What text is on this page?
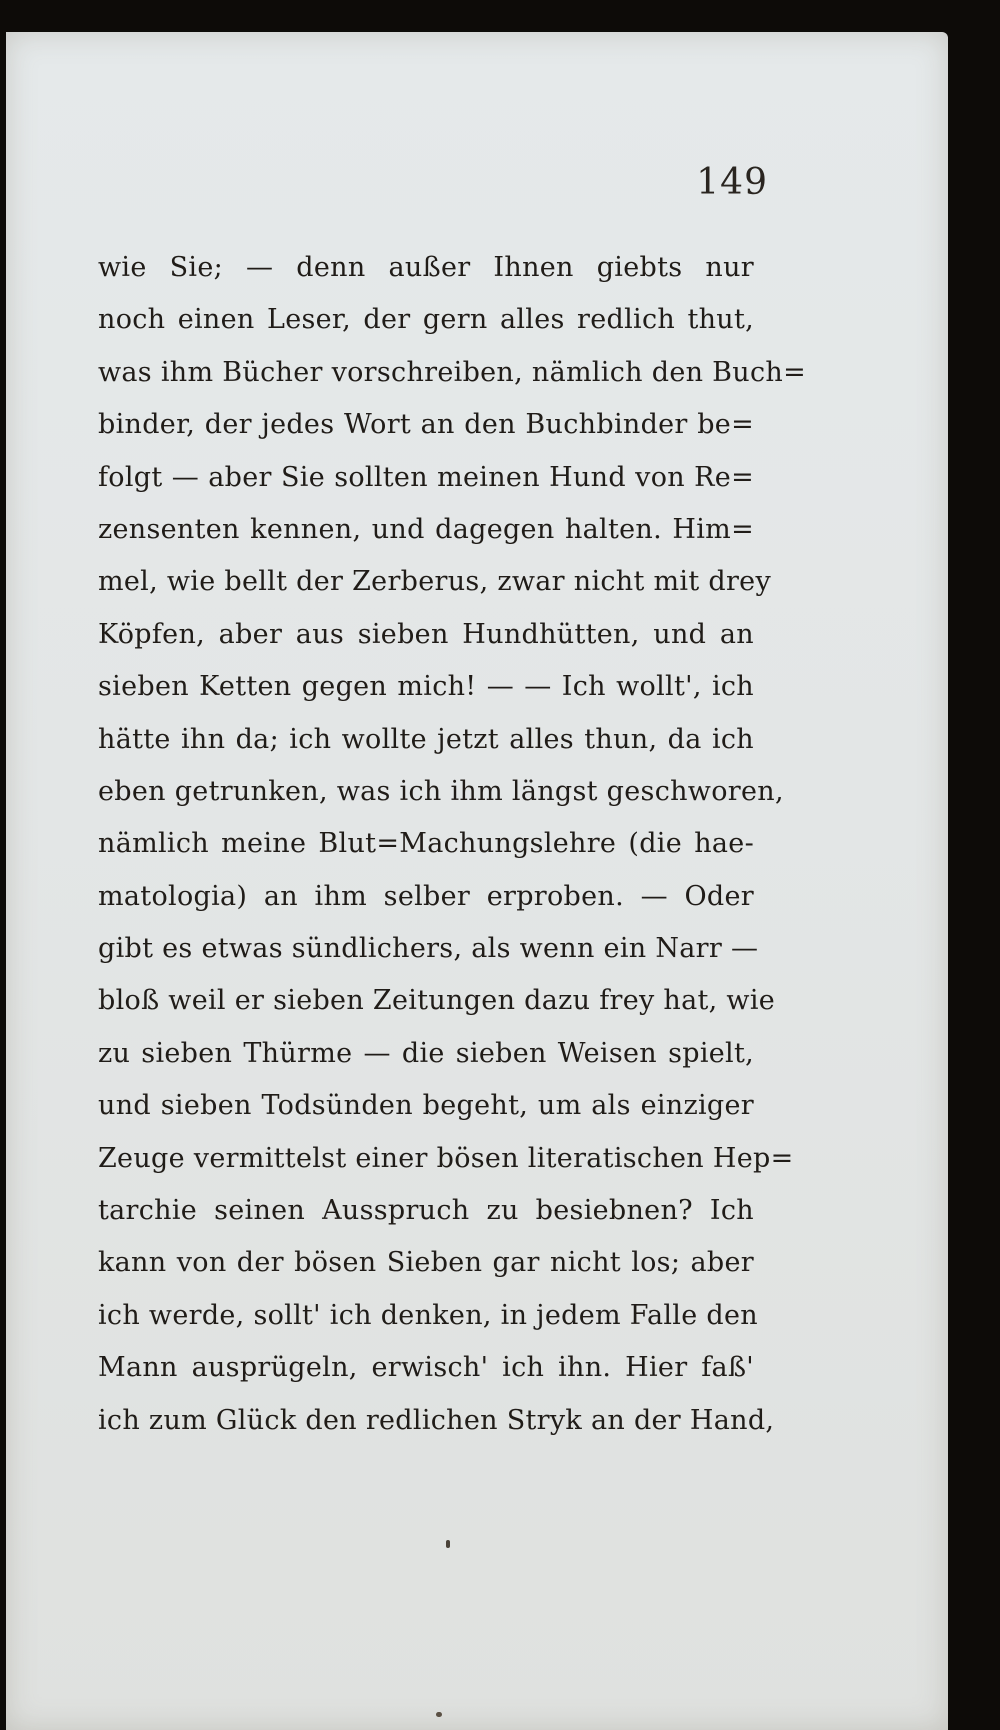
149
wie Sie; — denn außer Ihnen giebts nur
noch einen Leser, der gern alles redlich thut,
was ihm Bücher vorschreiben, nämlich den Buch=
binder, der jedes Wort an den Buchbinder be=
folgt — aber Sie sollten meinen Hund von Re=
zensenten kennen, und dagegen halten. Him=
mel, wie bellt der Zerberus, zwar nicht mit drey
Köpfen, aber aus sieben Hundhütten, und an
sieben Ketten gegen mich! — — Ich wollt', ich
hätte ihn da; ich wollte jetzt alles thun, da ich
eben getrunken, was ich ihm längst geschworen,
nämlich meine Blut=Machungslehre (die hae-
matologia) an ihm selber erproben. — Oder
gibt es etwas sündlichers, als wenn ein Narr —
bloß weil er sieben Zeitungen dazu frey hat, wie
zu sieben Thürme — die sieben Weisen spielt,
und sieben Todsünden begeht, um als einziger
Zeuge vermittelst einer bösen literatischen Hep=
tarchie seinen Ausspruch zu besiebnen? Ich
kann von der bösen Sieben gar nicht los; aber
ich werde, sollt' ich denken, in jedem Falle den
Mann ausprügeln, erwisch' ich ihn. Hier faß'
ich zum Glück den redlichen Stryk an der Hand,
